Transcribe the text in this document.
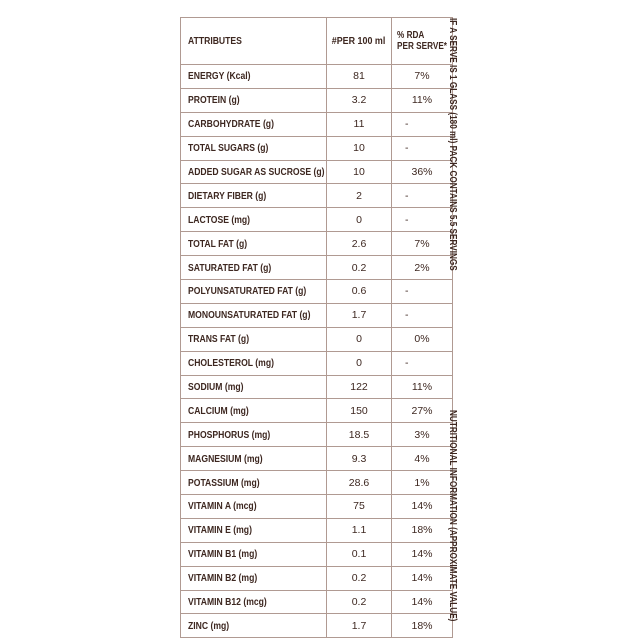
ATTRIBUTES	#PER 100 ml	% RDA
PER SERVE*
ENERGY (Kcal)	81	7%
PROTEIN (g)	3.2	11%
CARBOHYDRATE (g)	11	-
TOTAL SUGARS (g)	10	-
ADDED SUGAR AS SUCROSE (g)	10	36%
DIETARY FIBER (g)	2	-
LACTOSE (mg)	0	-
TOTAL FAT (g)	2.6	7%
SATURATED FAT (g)	0.2	2%
POLYUNSATURATED FAT (g)	0.6	-
MONOUNSATURATED FAT (g)	1.7	-
TRANS FAT (g)	0	0%
CHOLESTEROL (mg)	0	-
SODIUM (mg)	122	11%
CALCIUM (mg)	150	27%
PHOSPHORUS (mg)	18.5	3%
MAGNESIUM (mg)	9.3	4%
POTASSIUM (mg)	28.6	1%
VITAMIN A (mcg)	75	14%
VITAMIN E (mg)	1.1	18%
VITAMIN B1 (mg)	0.1	14%
VITAMIN B2 (mg)	0.2	14%
VITAMIN B12 (mcg)	0.2	14%
ZINC (mg)	1.7	18%
IF A SERVE IS 1 GLASS (180 ml) PACK CONTAINS 5.5 SERVINGS
NUTRITIONAL INFORMATION (APPROXIMATE VALUE)
